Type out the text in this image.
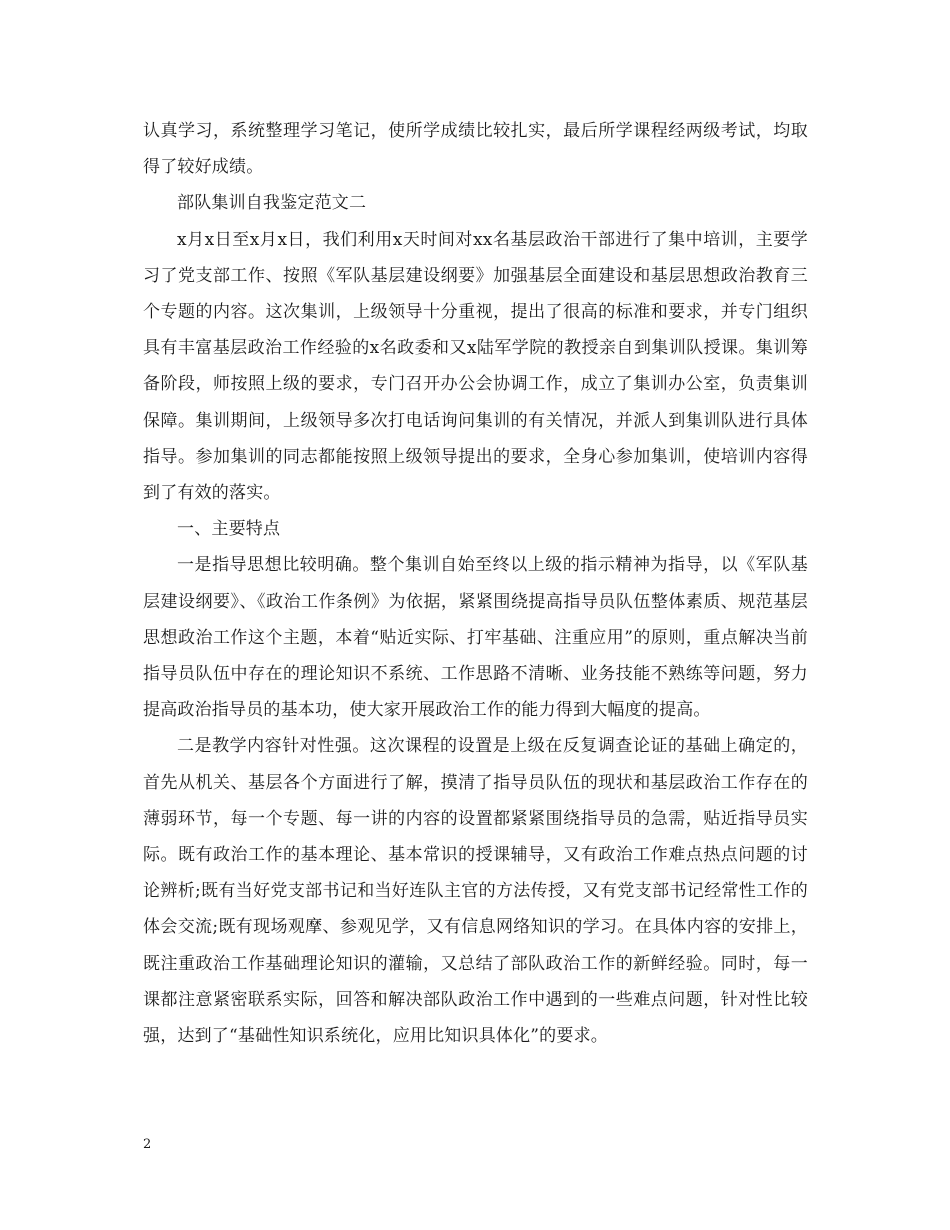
认真学习，系统整理学习笔记，使所学成绩比较扎实，最后所学课程经两级考试，均取得了较好成绩。

部队集训自我鉴定范文二

x月x日至x月x日，我们利用x天时间对xx名基层政治干部进行了集中培训，主要学习了党支部工作、按照《军队基层建设纲要》加强基层全面建设和基层思想政治教育三个专题的内容。这次集训，上级领导十分重视，提出了很高的标准和要求，并专门组织具有丰富基层政治工作经验的x名政委和又x陆军学院的教授亲自到集训队授课。集训筹备阶段，师按照上级的要求，专门召开办公会协调工作，成立了集训办公室，负责集训保障。集训期间，上级领导多次打电话询问集训的有关情况，并派人到集训队进行具体指导。参加集训的同志都能按照上级领导提出的要求，全身心参加集训，使培训内容得到了有效的落实。

一、主要特点

一是指导思想比较明确。整个集训自始至终以上级的指示精神为指导，以《军队基层建设纲要》、《政治工作条例》为依据，紧紧围绕提高指导员队伍整体素质、规范基层思想政治工作这个主题，本着“贴近实际、打牢基础、注重应用”的原则，重点解决当前指导员队伍中存在的理论知识不系统、工作思路不清晰、业务技能不熟练等问题，努力提高政治指导员的基本功，使大家开展政治工作的能力得到大幅度的提高。

二是教学内容针对性强。这次课程的设置是上级在反复调查论证的基础上确定的，首先从机关、基层各个方面进行了解，摸清了指导员队伍的现状和基层政治工作存在的薄弱环节，每一个专题、每一讲的内容的设置都紧紧围绕指导员的急需，贴近指导员实际。既有政治工作的基本理论、基本常识的授课辅导，又有政治工作难点热点问题的讨论辨析;既有当好党支部书记和当好连队主官的方法传授，又有党支部书记经常性工作的体会交流;既有现场观摩、参观见学，又有信息网络知识的学习。在具体内容的安排上，既注重政治工作基础理论知识的灌输，又总结了部队政治工作的新鲜经验。同时，每一课都注意紧密联系实际，回答和解决部队政治工作中遇到的一些难点问题，针对性比较强，达到了“基础性知识系统化，应用比知识具体化”的要求。

2
